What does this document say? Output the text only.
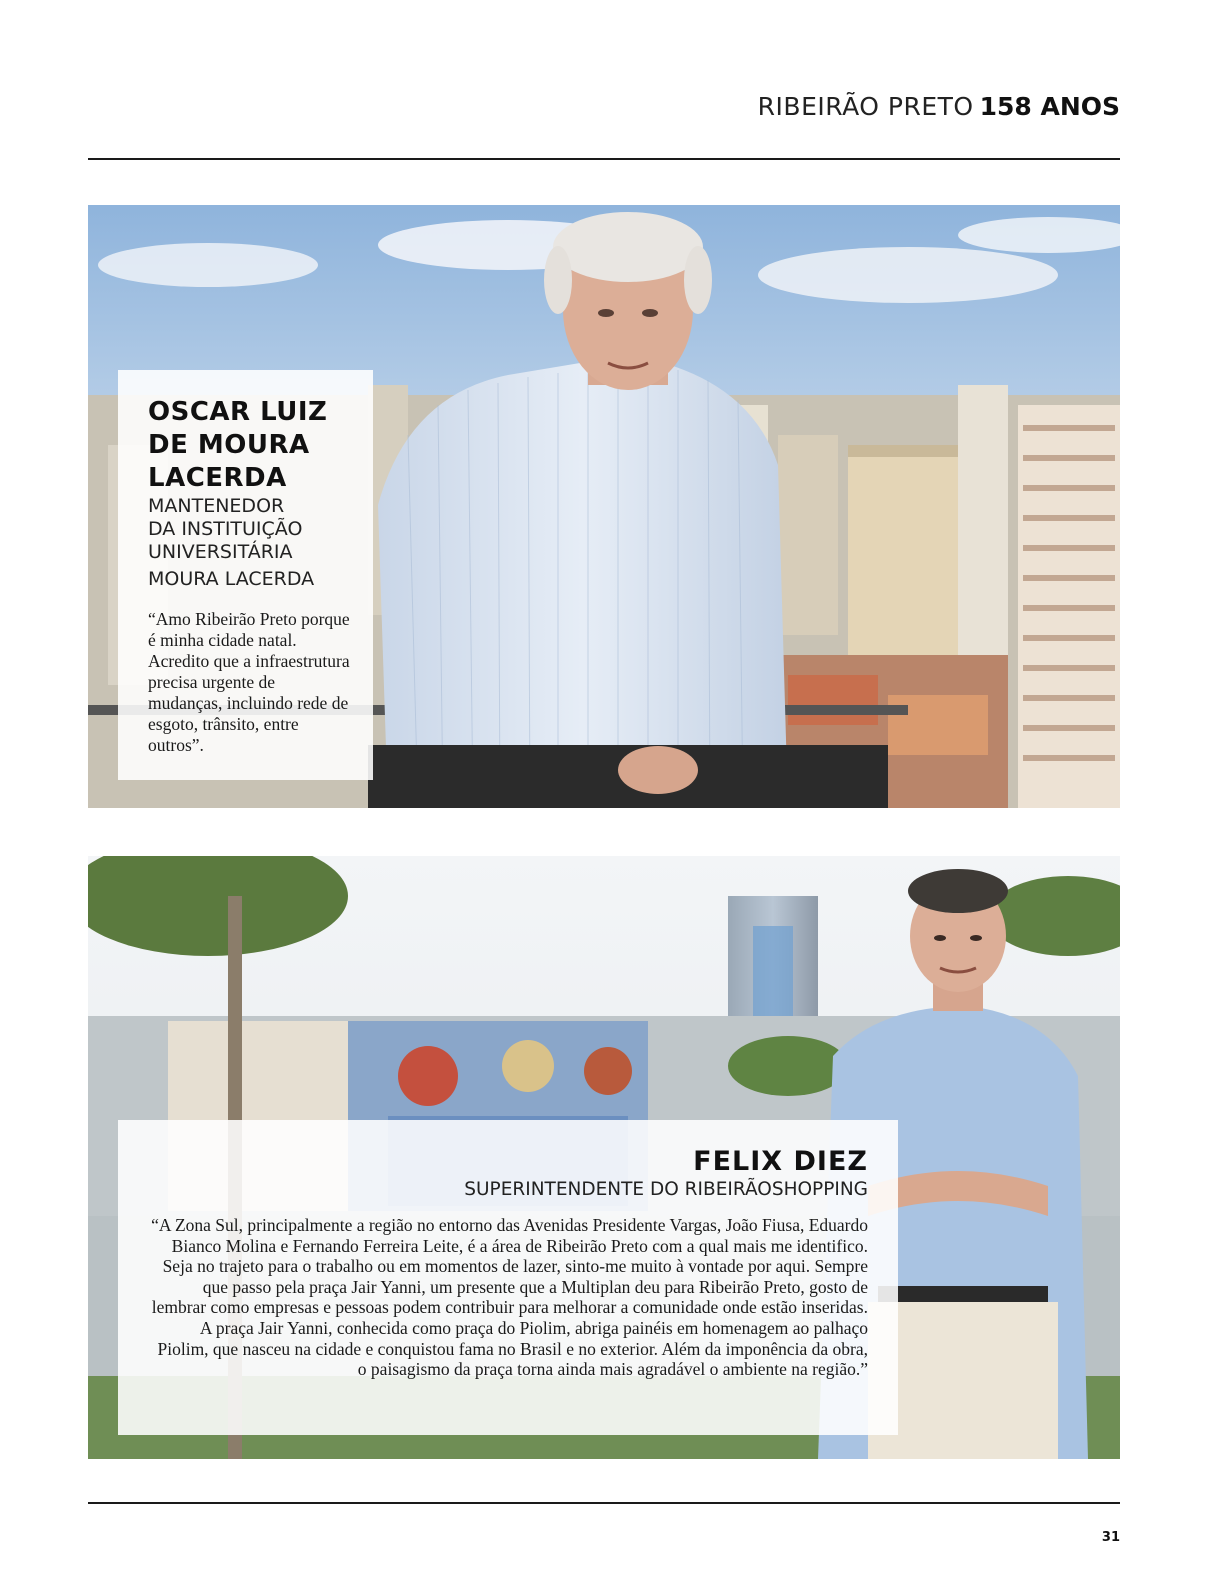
RIBEIRÃO PRETO 158 ANOS
OSCAR LUIZ
DE MOURA
LACERDA
MANTENEDOR
DA INSTITUIÇÃO
UNIVERSITÁRIA
MOURA LACERDA
“Amo Ribeirão Preto porque é minha cidade natal. Acredito que a infraestrutura precisa urgente de mudanças, incluindo rede de esgoto, trânsito, entre outros”.
FELIX DIEZ
SUPERINTENDENTE DO RIBEIRÃOSHOPPING
“A Zona Sul, principalmente a região no entorno das Avenidas Presidente Vargas, João Fiusa, Eduardo Bianco Molina e Fernando Ferreira Leite, é a área de Ribeirão Preto com a qual mais me identifico. Seja no trajeto para o trabalho ou em momentos de lazer, sinto-me muito à vontade por aqui. Sempre que passo pela praça Jair Yanni, um presente que a Multiplan deu para Ribeirão Preto, gosto de lembrar como empresas e pessoas podem contribuir para melhorar a comunidade onde estão inseridas. A praça Jair Yanni, conhecida como praça do Piolim, abriga painéis em homenagem ao palhaço Piolim, que nasceu na cidade e conquistou fama no Brasil e no exterior. Além da imponência da obra, o paisagismo da praça torna ainda mais agradável o ambiente na região.”
31
